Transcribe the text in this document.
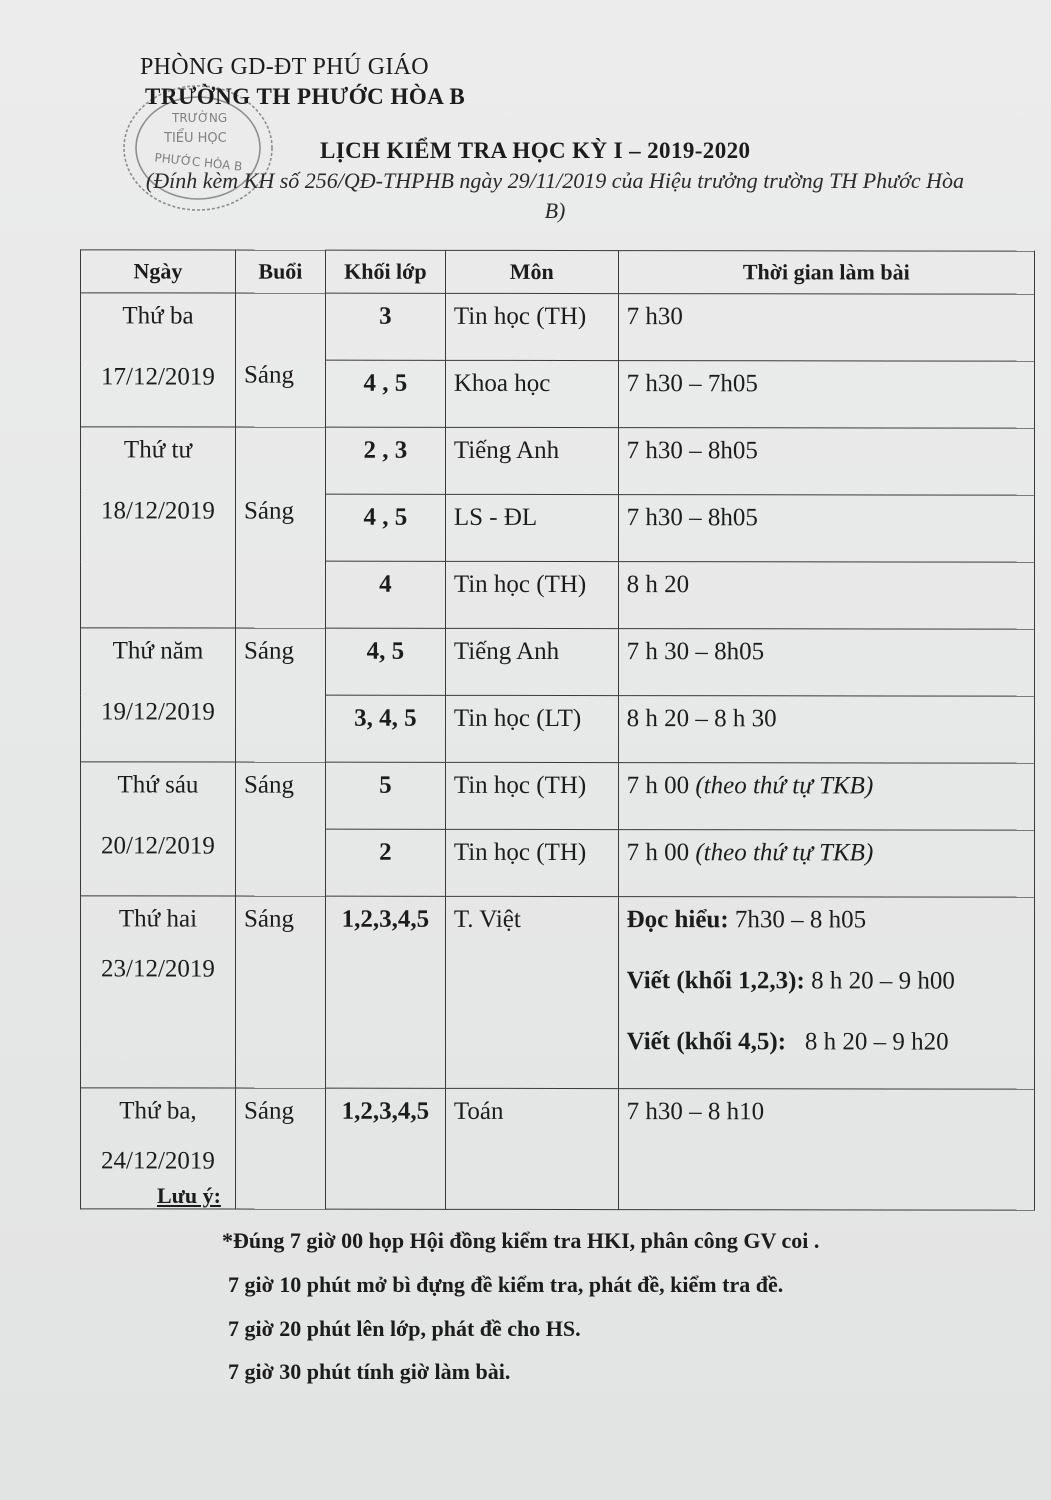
TRƯỜNG
TIỂU HỌC
PHƯỚC HÒA B
PHÒNG GD-ĐT PHÚ GIÁO
TRƯỜNG TH PHƯỚC HÒA B
LỊCH KIỂM TRA HỌC KỲ I – 2019-2020
(Đính kèm KH số 256/QĐ-THPHB ngày 29/11/2019 của Hiệu trưởng trường TH Phước Hòa B)
Ngày	Buổi	Khối lớp	Môn	Thời gian làm bài

Thứ ba
17/12/2019	Sáng	3	Tin học (TH)	7 h30
		4 , 5	Khoa học	7 h30 – 7h05

Thứ tư
18/12/2019	Sáng	2 , 3	Tiếng Anh	7 h30 – 8h05
		4 , 5	LS - ĐL	7 h30 – 8h05
		4	Tin học (TH)	8 h 20

Thứ năm
19/12/2019	Sáng	4, 5	Tiếng Anh	7 h 30 – 8h05
		3, 4, 5	Tin học (LT)	8 h 20 – 8 h 30

Thứ sáu
20/12/2019	Sáng	5	Tin học (TH)	7 h 00 (theo thứ tự TKB)
		2	Tin học (TH)	7 h 00 (theo thứ tự TKB)

Thứ hai
23/12/2019	Sáng	1,2,3,4,5	T. Việt	Đọc hiểu: 7h30 – 8 h05
Viết (khối 1,2,3): 8 h 20 – 9 h00
Viết (khối 4,5):   8 h 20 – 9 h20

Thứ ba,
24/12/2019	Sáng	1,2,3,4,5	Toán	7 h30 – 8 h10
Lưu ý:
*Đúng 7 giờ 00 họp Hội đồng kiểm tra HKI, phân công GV coi .
7 giờ 10 phút mở bì đựng đề kiểm tra, phát đề, kiểm tra đề.
7 giờ 20 phút lên lớp, phát đề cho HS.
7 giờ 30 phút tính giờ làm bài.
